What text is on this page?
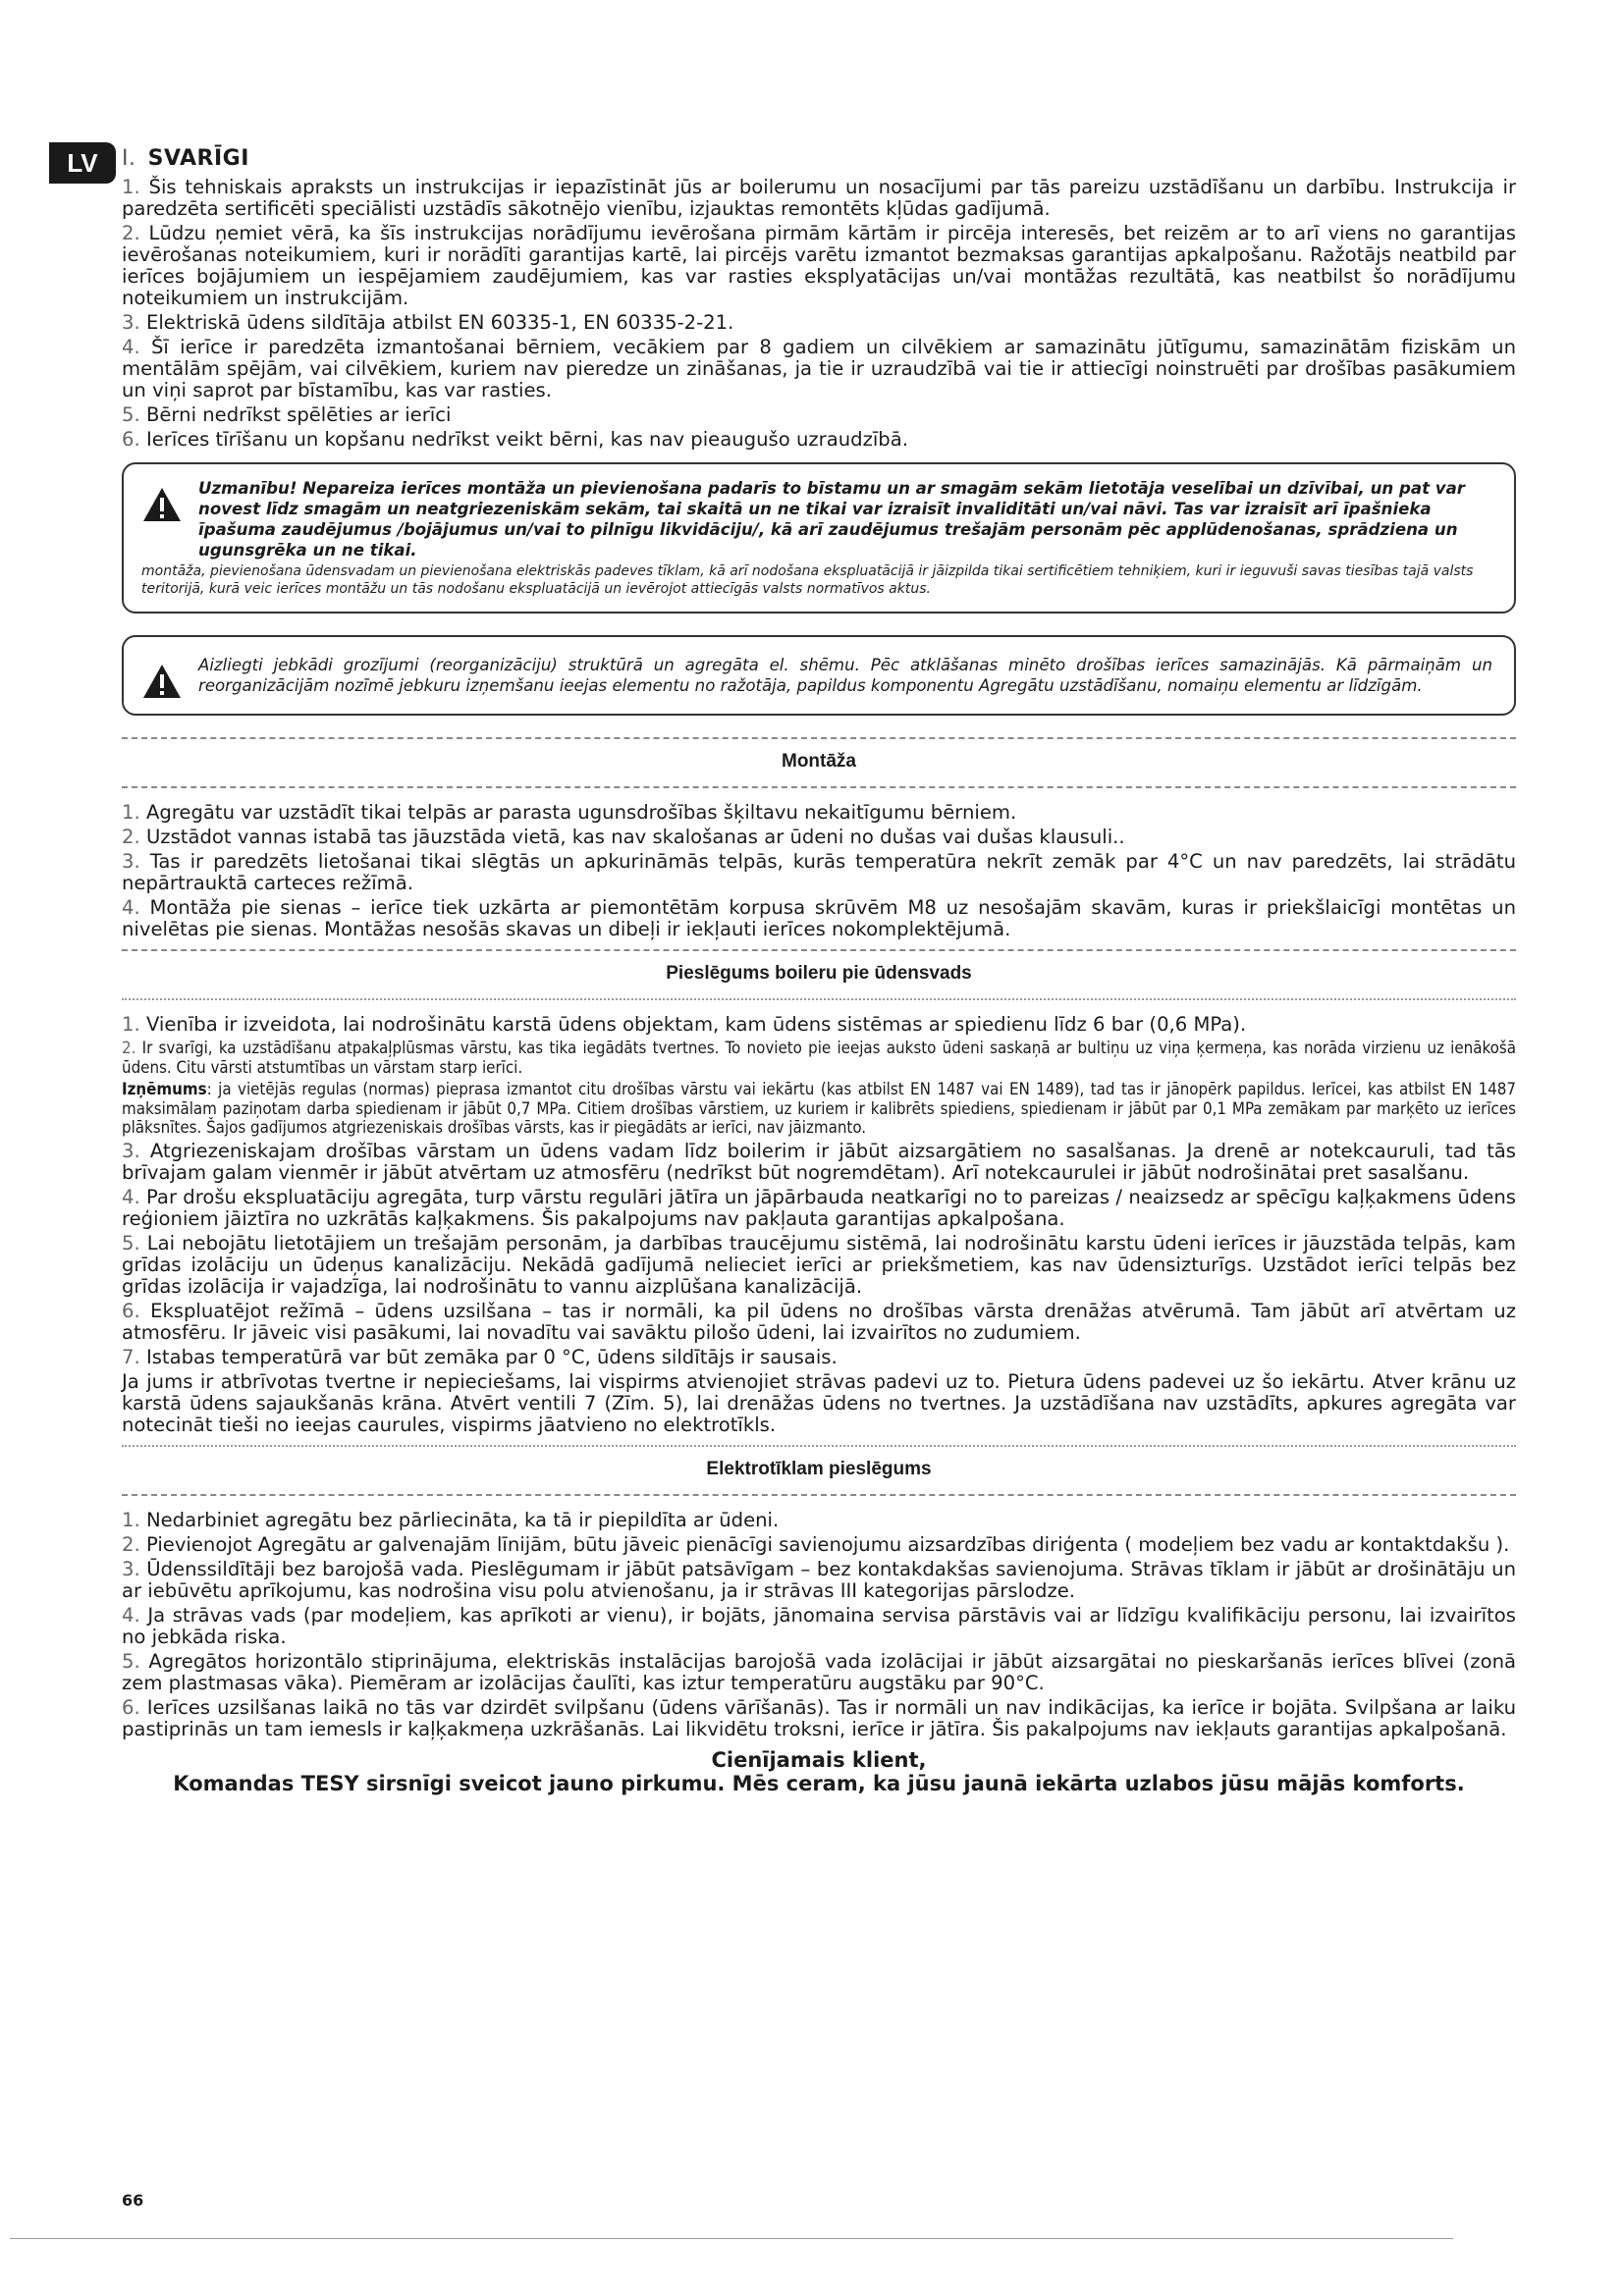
LV	I. SVARĪGI

1. Šis tehniskais apraksts un instrukcijas ir iepazīstināt jūs ar boilerumu un nosacījumi par tās pareizu uzstādīšanu un darbību. Instrukcija ir paredzēta sertificēti speciālisti uzstādīs sākotnējo vienību, izjauktas remontēts kļūdas gadījumā.

2. Lūdzu ņemiet vērā, ka šīs instrukcijas norādījumu ievērošana pirmām kārtām ir pircēja interesēs, bet reizēm ar to arī viens no garantijas ievērošanas noteikumiem, kuri ir norādīti garantijas kartē, lai pircējs varētu izmantot bezmaksas garantijas apkalpošanu. Ražotājs neatbild par ierīces bojājumiem un iespējamiem zaudējumiem, kas var rasties eksplуatācijas un/vai montāžas rezultātā, kas neatbilst šo norādījumu noteikumiem un instrukcijām.

3. Elektriskā ūdens sildītāja atbilst EN 60335-1, EN 60335-2-21.

4. Šī ierīce ir paredzēta izmantošanai bērniem, vecākiem par 8 gadiem un cilvēkiem ar samazinātu jūtīgumu, samazinātām fiziskām un mentālām spējām, vai cilvēkiem, kuriem nav pieredze un zināšanas, ja tie ir uzraudzībā vai tie ir attiecīgi noinstruēti par drošības pasākumiem un viņi saprot par bīstamību, kas var rasties.

5. Bērni nedrīkst spēlēties ar ierīci

6. Ierīces tīrīšanu un kopšanu nedrīkst veikt bērni, kas nav pieaugušo uzraudzībā.

Uzmanību! Nepareiza ierīces montāža un pievienošana padarīs to bīstamu un ar smagām sekām lietotāja veselībai un dzīvībai, un pat var novest līdz smagām un neatgriezeniskām sekām, tai skaitā un ne tikai var izraisīt invaliditāti un/vai nāvi. Tas var izraisīt arī īpašnieka īpašuma zaudējumus /bojājumus un/vai to pilnīgu likvidāciju/, kā arī zaudējumus trešajām personām pēc applūdenošanas, sprādziena un ugunsgrēka un ne tikai.
montāža, pievienošana ūdensvadam un pievienošana elektriskās padeves tīklam, kā arī nodošana ekspluatācijā ir jāizpilda tikai sertificētiem tehniķiem, kuri ir ieguvuši savas tiesības tajā valsts teritorijā, kurā veic ierīces montāžu un tās nodošanu ekspluatācijā un ievērojot attiecīgās valsts normatīvos aktus.
Aizliegti jebkādi grozījumi (reorganizāciju) struktūrā un agregāta el. shēmu. Pēc atklāšanas minēto drošības ierīces samazinājās. Kā pārmaiņām un reorganizācijām nozīmē jebkuru izņemšanu ieejas elementu no ražotāja, papildus komponentu Agregātu uzstādīšanu, nomaiņu elementu ar līdzīgām.
Montāža

1. Agregātu var uzstādīt tikai telpās ar parasta ugunsdrošības šķiltavu nekaitīgumu bērniem.

2. Uzstādot vannas istabā tas jāuzstāda vietā, kas nav skalošanas ar ūdeni no dušas vai dušas klausuli..

3. Tas ir paredzēts lietošanai tikai slēgtās un apkurināmās telpās, kurās temperatūra nekrīt zemāk par 4°C un nav paredzēts, lai strādātu nepārtrauktā carteces režīmā.

4. Montāža pie sienas – ierīce tiek uzkārta ar piemontētām korpusa skrūvēm M8 uz nesošajām skavām, kuras ir priekšlaicīgi montētas un nivelētas pie sienas. Montāžas nesošās skavas un dibeļi ir iekļauti ierīces nokomplektējumā.

Pieslēgums boileru pie ūdensvads

1. Vienība ir izveidota, lai nodrošinātu karstā ūdens objektam, kam ūdens sistēmas ar spiedienu līdz 6 bar (0,6 MPa).

2. Ir svarīgi, ka uzstādīšanu atpakaļplūsmas vārstu, kas tika iegādāts tvertnes. To novieto pie ieejas auksto ūdeni saskaņā ar bultiņu uz viņa ķermeņa, kas norāda virzienu uz ienākošā ūdens. Citu vārsti atstumtības un vārstam starp ierīci.

Izņēmums: ja vietējās regulas (normas) pieprasa izmantot citu drošības vārstu vai iekārtu (kas atbilst EN 1487 vai EN 1489), tad tas ir jānopērk papildus. Ierīcei, kas atbilst EN 1487 maksimālam paziņotam darba spiedienam ir jābūt 0,7 MPa. Citiem drošības vārstiem, uz kuriem ir kalibrēts spiediens, spiedienam ir jābūt par 0,1 MPa zemākam par marķēto uz ierīces plāksnītes. Šajos gadījumos atgriezeniskais drošības vārsts, kas ir piegādāts ar ierīci, nav jāizmanto.

3. Atgriezeniskajam drošības vārstam un ūdens vadam līdz boilerim ir jābūt aizsargātiem no sasalšanas. Ja drenē ar notekcauruli, tad tās brīvajam galam vienmēr ir jābūt atvērtam uz atmosfēru (nedrīkst būt nogremdētam). Arī notekcaurulei ir jābūt nodrošinātai pret sasalšanu.

4. Par drošu ekspluatāciju agregāta, turp vārstu regulāri jātīra un jāpārbauda neatkarīgi no to pareizas / neaizsedz ar spēcīgu kaļķakmens ūdens reģioniem jāiztīra no uzkrātās kaļķakmens. Šis pakalpojums nav pakļauta garantijas apkalpošana.

5. Lai nebojātu lietotājiem un trešajām personām, ja darbības traucējumu sistēmā, lai nodrošinātu karstu ūdeni ierīces ir jāuzstāda telpās, kam grīdas izolāciju un ūdeņus kanalizāciju. Nekādā gadījumā nelieciet ierīci ar priekšmetiem, kas nav ūdensizturīgs. Uzstādot ierīci telpās bez grīdas izolācija ir vajadzīga, lai nodrošinātu to vannu aizplūšana kanalizācijā.

6. Ekspluatējot režīmā – ūdens uzsilšana – tas ir normāli, ka pil ūdens no drošības vārsta drenāžas atvērumā. Tam jābūt arī atvērtam uz atmosfēru. Ir jāveic visi pasākumi, lai novadītu vai savāktu pilošo ūdeni, lai izvairītos no zudumiem.

7. Istabas temperatūrā var būt zemāka par 0 °C, ūdens sildītājs ir sausais.

Ja jums ir atbrīvotas tvertne ir nepieciešams, lai vispirms atvienojiet strāvas padevi uz to. Pietura ūdens padevei uz šo iekārtu. Atver krānu uz karstā ūdens sajaukšanās krāna. Atvērt ventili 7 (Zīm. 5), lai drenāžas ūdens no tvertnes. Ja uzstādīšana nav uzstādīts, apkures agregāta var notecināt tieši no ieejas caurules, vispirms jāatvieno no elektrotīkls.

Elektrotīklam pieslēgums

1. Nedarbiniet agregātu bez pārliecināta, ka tā ir piepildīta ar ūdeni.

2. Pievienojot Agregātu ar galvenajām līnijām, būtu jāveic pienācīgi savienojumu aizsardzības diriģenta ( modeļiem bez vadu ar kontaktdakšu ).

3. Ūdenssildītāji bez barojošā vada. Pieslēgumam ir jābūt patsāvīgam – bez kontakdakšas savienojuma. Strāvas tīklam ir jābūt ar drošinātāju un ar iebūvētu aprīkojumu, kas nodrošina visu polu atvienošanu, ja ir strāvas III kategorijas pārslodze.

4. Ja strāvas vads (par modeļiem, kas aprīkoti ar vienu), ir bojāts, jānomaina servisa pārstāvis vai ar līdzīgu kvalifikāciju personu, lai izvairītos no jebkāda riska.

5. Agregātos horizontālo stiprinājuma, elektriskās instalācijas barojošā vada izolācijai ir jābūt aizsargātai no pieskaršanās ierīces blīvei (zonā zem plastmasas vāka). Piemēram ar izolācijas čaulīti, kas iztur temperatūru augstāku par 90°C.

6. Ierīces uzsilšanas laikā no tās var dzirdēt svilpšanu (ūdens vārīšanās). Tas ir normāli un nav indikācijas, ka ierīce ir bojāta. Svilpšana ar laiku pastiprinās un tam iemesls ir kaļķakmeņa uzkrāšanās. Lai likvidētu troksni, ierīce ir jātīra. Šis pakalpojums nav iekļauts garantijas apkalpošanā.

Cienījamais klient,
Komandas TESY sirsnīgi sveicot jauno pirkumu. Mēs ceram, ka jūsu jaunā iekārta uzlabos jūsu mājās komforts.
66
